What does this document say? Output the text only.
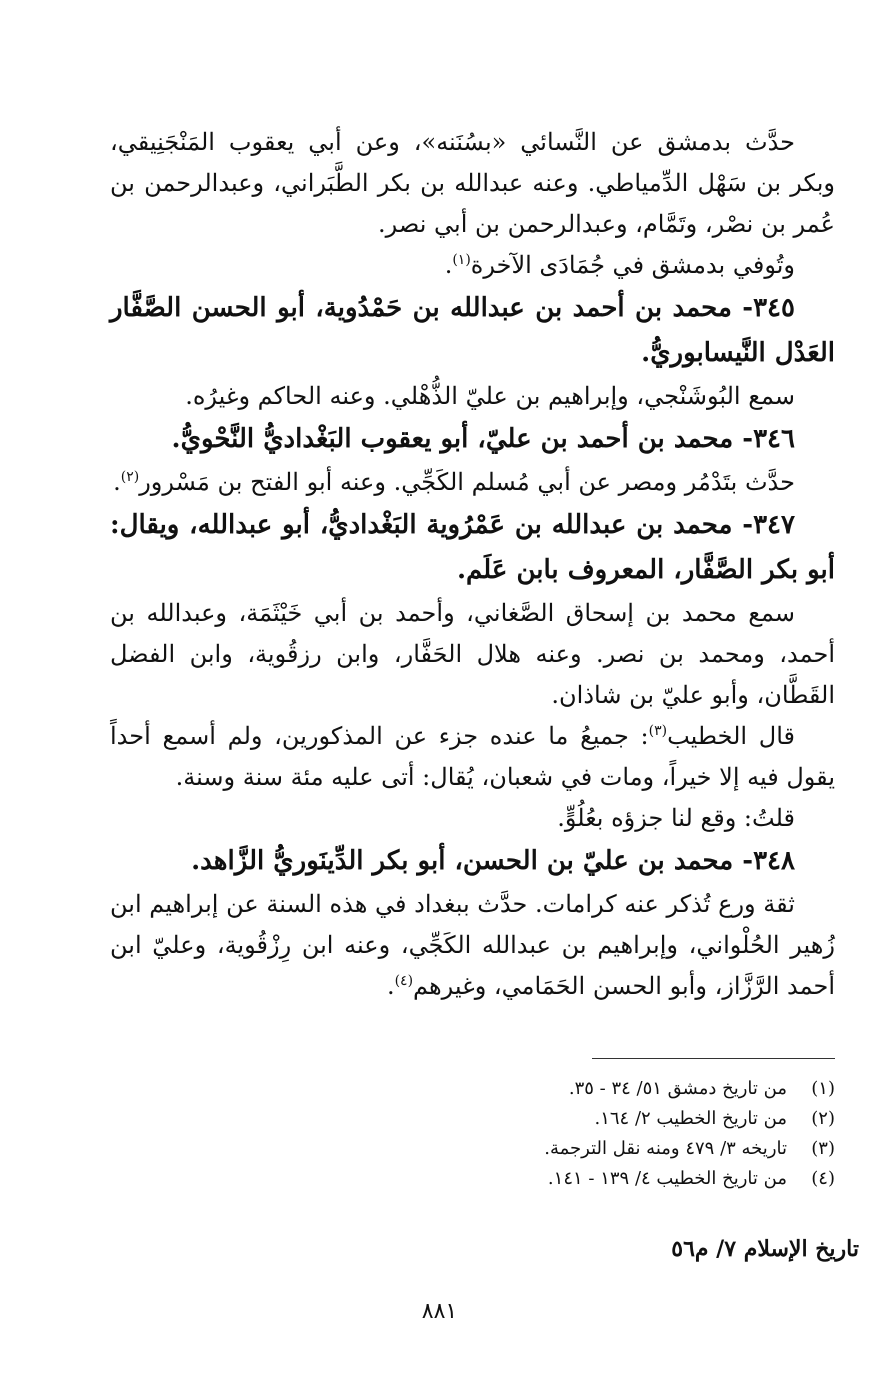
حدَّث بدمشق عن النَّسائي «بسُنَنه»، وعن أبي يعقوب المَنْجَنِيقي، وبكر بن سَهْل الدِّمياطي. وعنه عبدالله بن بكر الطَّبَراني، وعبدالرحمن بن عُمر بن نصْر، وتَمَّام، وعبدالرحمن بن أبي نصر.

وتُوفي بدمشق في جُمَادَى الآخرة$^{(١)}$.

٣٤٥- محمد بن أحمد بن عبدالله بن حَمْدُوية، أبو الحسن الصَّفَّار العَدْل النَّيسابوريُّ.

سمع البُوشَنْجي، وإبراهيم بن عليّ الذُّهْلي. وعنه الحاكم وغيرُه.

٣٤٦- محمد بن أحمد بن عليّ، أبو يعقوب البَغْداديُّ النَّحْويُّ.

حدَّث بتَدْمُر ومصر عن أبي مُسلم الكَجِّي. وعنه أبو الفتح بن مَسْرور$^{(٢)}$.

٣٤٧- محمد بن عبدالله بن عَمْرُوية البَغْداديُّ، أبو عبدالله، ويقال: أبو بكر الصَّفَّار، المعروف بابن عَلَم.

سمع محمد بن إسحاق الصَّغاني، وأحمد بن أبي خَيْثَمَة، وعبدالله بن أحمد، ومحمد بن نصر. وعنه هلال الحَفَّار، وابن رزقُوية، وابن الفضل القَطَّان، وأبو عليّ بن شاذان.

قال الخطيب$^{(٣)}$: جميعُ ما عنده جزء عن المذكورين، ولم أسمع أحداً يقول فيه إلا خيراً، ومات في شعبان، يُقال: أتى عليه مئة سنة وسنة.

قلتُ: وقع لنا جزؤه بعُلُوٍّ.

٣٤٨- محمد بن عليّ بن الحسن، أبو بكر الدِّينَوريُّ الزَّاهد.

ثقة ورع تُذكر عنه كرامات. حدَّث ببغداد في هذه السنة عن إبراهيم ابن زُهير الحُلْواني، وإبراهيم بن عبدالله الكَجِّي، وعنه ابن رِزْقُوية، وعليّ ابن أحمد الرَّزَّاز، وأبو الحسن الحَمَامي، وغيرهم$^{(٤)}$.

(١)من تاريخ دمشق ٥١/ ٣٤ - ٣٥.

(٢)من تاريخ الخطيب ٢/ ١٦٤.

(٣)تاريخه ٣/ ٤٧٩ ومنه نقل الترجمة.

(٤)من تاريخ الخطيب ٤/ ١٣٩ - ١٤١.

تاريخ الإسلام ٧/ م٥٦
٨٨١
